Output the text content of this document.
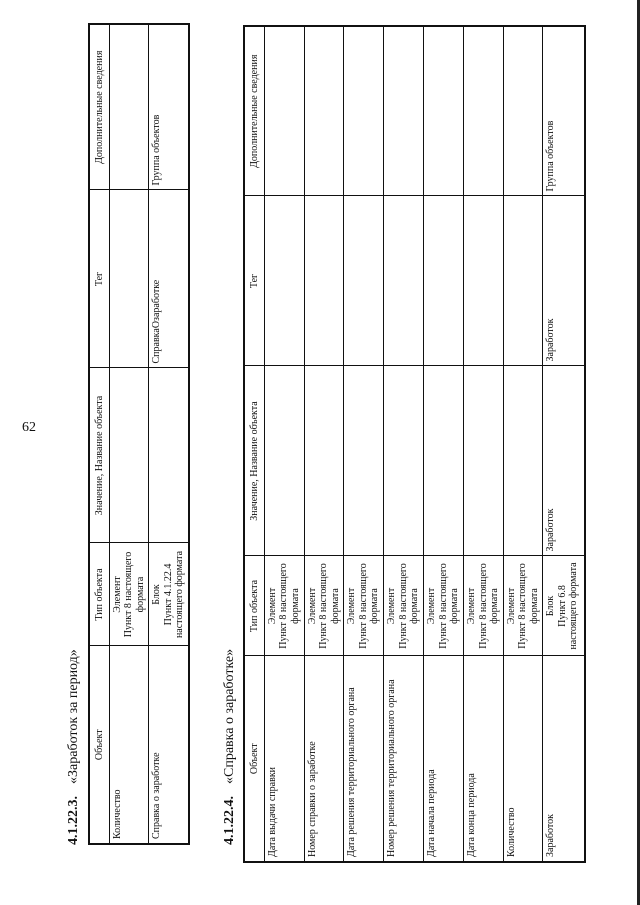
62
4.1.22.3.«Заработок за период» Объект	Тип объекта	Значение, Название объекта	Тег	Дополнительные сведения
Количество	Элемент Пункт 8 настоящего формата			

Справка о заработке	Блок Пункт 4.1.22.4 настоящего формата		СправкаОзаработке	Группа объектов
4.1.22.4.«Справка о заработке» Объект	Тип объекта	Значение, Название объекта	Тег	Дополнительные сведения
Дата выдачи справки	Элемент Пункт 8 настоящего формата			

Номер справки о заработке	Элемент Пункт 8 настоящего формата			

Дата решения территориального органа	Элемент Пункт 8 настоящего формата			

Номер решения территориального органа	Элемент Пункт 8 настоящего формата			

Дата начала периода	Элемент Пункт 8 настоящего формата			

Дата конца периода	Элемент Пункт 8 настоящего формата			

Количество	Элемент Пункт 8 настоящего формата			

Заработок	Блок Пункт 6.8 настоящего формата	Заработок	Заработок	Группа объектов
